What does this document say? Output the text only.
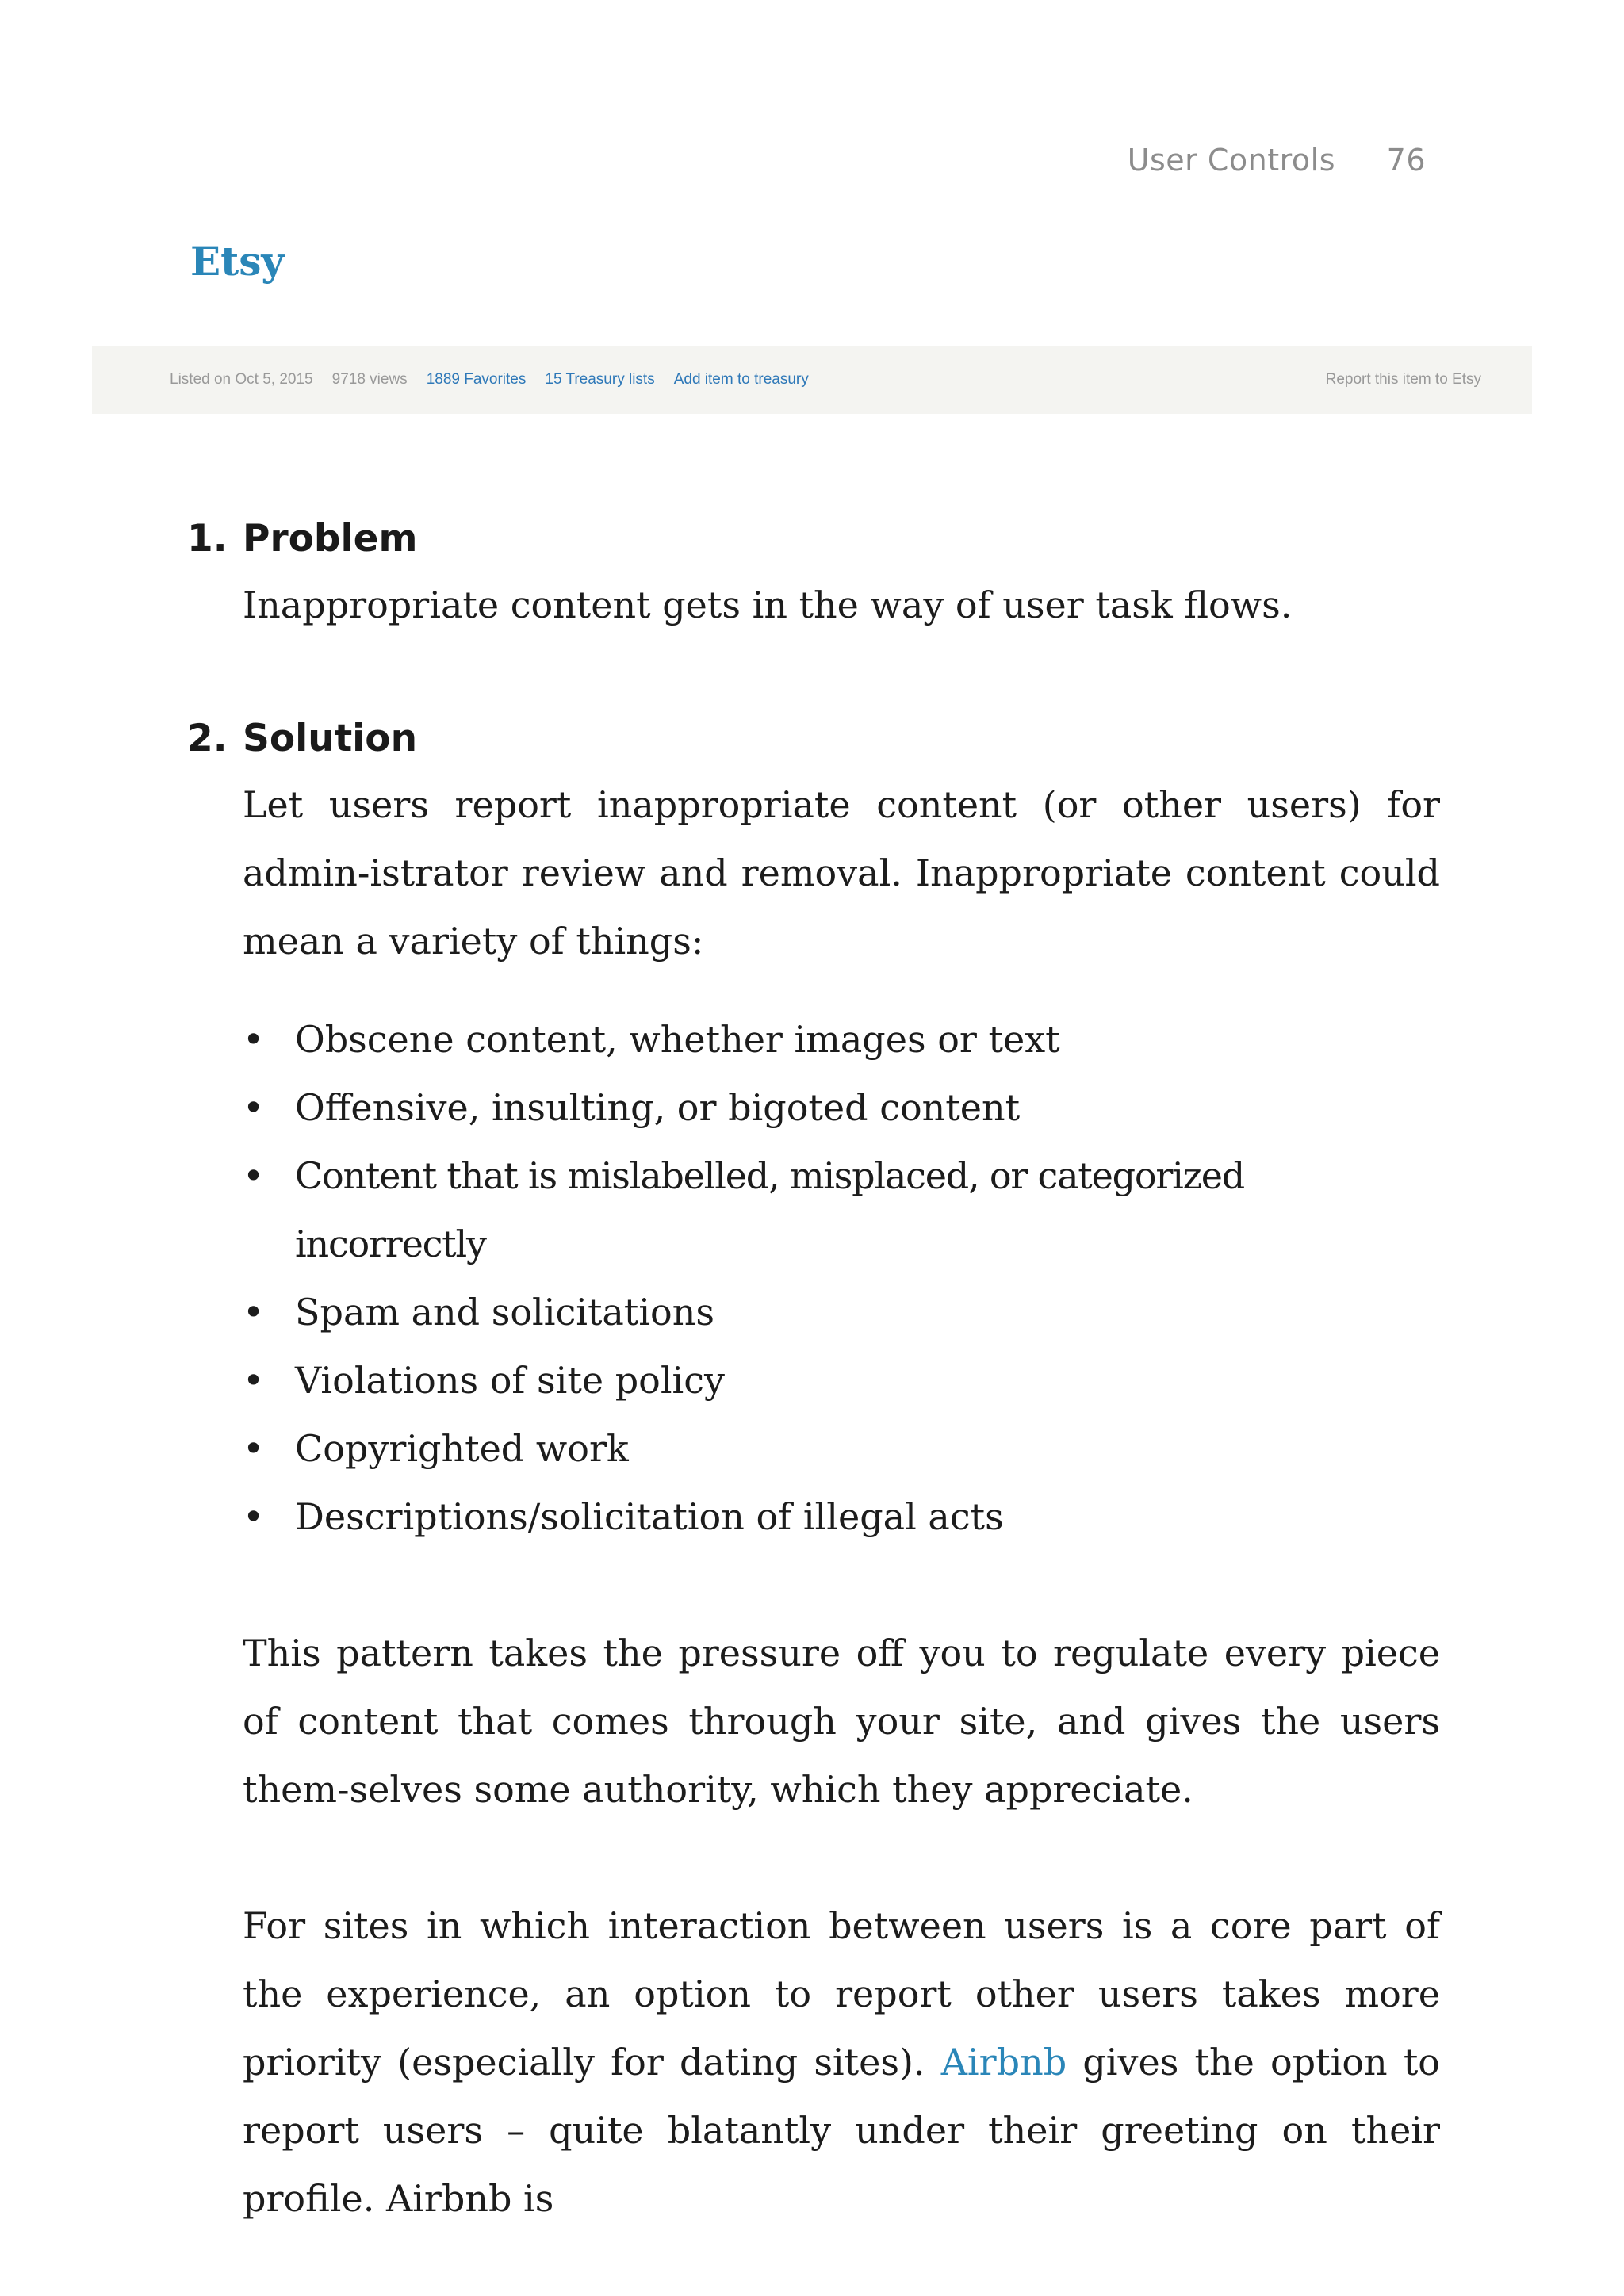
User Controls 76
Etsy
Listed on Oct 5, 2015 9718 views 1889 Favorites 15 Treasury lists Add item to treasury	Report this item to Etsy
1. Problem
Inappropriate content gets in the way of user task flows.
2. Solution
Let users report inappropriate content (or other users) for admin-istrator review and removal. Inappropriate content could mean a variety of things:
• Obscene content, whether images or text
• Offensive, insulting, or bigoted content
• Content that is mislabelled, misplaced, or categorized incorrectly
• Spam and solicitations
• Violations of site policy
• Copyrighted work
• Descriptions/solicitation of illegal acts
This pattern takes the pressure off you to regulate every piece of content that comes through your site, and gives the users them-selves some authority, which they appreciate.
For sites in which interaction between users is a core part of the experience, an option to report other users takes more priority (especially for dating sites). Airbnb gives the option to report users – quite blatantly under their greeting on their profile. Airbnb is
